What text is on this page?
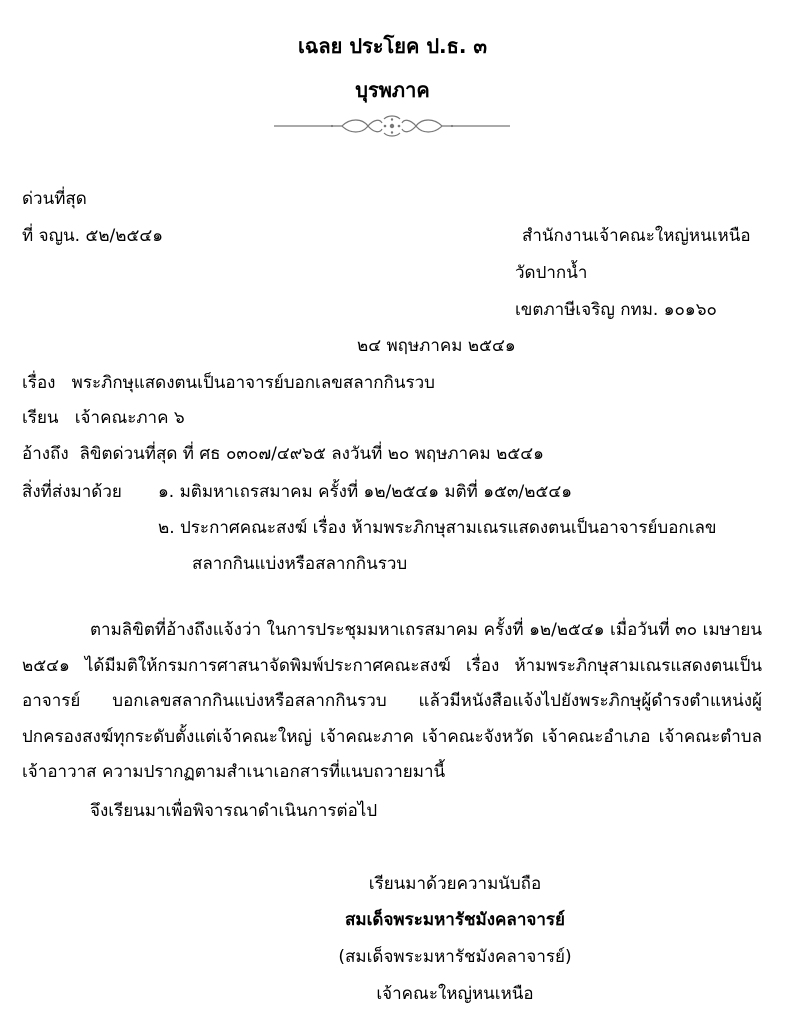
เฉลย ประโยค ป.ธ. ๓
บุรพภาค
ด่วนที่สุด
ที่ จญน. ๕๒/๒๕๔๑	สำนักงานเจ้าคณะใหญ่หนเหนือ
วัดปากน้ำ
เขตภาษีเจริญ กทม. ๑๐๑๖๐
๒๔ พฤษภาคม ๒๕๔๑
เรื่อง พระภิกษุแสดงตนเป็นอาจารย์บอกเลขสลากกินรวบ
เรียน เจ้าคณะภาค ๖
อ้างถึง ลิขิตด่วนที่สุด ที่ ศธ ๐๓๐๗/๔๙๖๕ ลงวันที่ ๒๐ พฤษภาคม ๒๕๔๑
สิ่งที่ส่งมาด้วย ๑. มติมหาเถรสมาคม ครั้งที่ ๑๒/๒๕๔๑ มติที่ ๑๕๓/๒๕๔๑
๒. ประกาศคณะสงฆ์ เรื่อง ห้ามพระภิกษุสามเณรแสดงตนเป็นอาจารย์บอกเลข
สลากกินแบ่งหรือสลากกินรวบ
ตามลิขิตที่อ้างถึงแจ้งว่า ในการประชุมมหาเถรสมาคม ครั้งที่ ๑๒/๒๕๔๑ เมื่อวันที่ ๓๐ เมษายน ๒๕๔๑ ได้มีมติให้กรมการศาสนาจัดพิมพ์ประกาศคณะสงฆ์ เรื่อง ห้ามพระภิกษุสามเณรแสดงตนเป็นอาจารย์ บอกเลขสลากกินแบ่งหรือสลากกินรวบ แล้วมีหนังสือแจ้งไปยังพระภิกษุผู้ดำรงตำแหน่งผู้ปกครองสงฆ์ทุกระดับตั้งแต่เจ้าคณะใหญ่ เจ้าคณะภาค เจ้าคณะจังหวัด เจ้าคณะอำเภอ เจ้าคณะตำบล เจ้าอาวาส ความปรากฏตามสำเนาเอกสารที่แนบถวายมานี้
จึงเรียนมาเพื่อพิจารณาดำเนินการต่อไป
เรียนมาด้วยความนับถือ
สมเด็จพระมหารัชมังคลาจารย์
(สมเด็จพระมหารัชมังคลาจารย์)
เจ้าคณะใหญ่หนเหนือ
